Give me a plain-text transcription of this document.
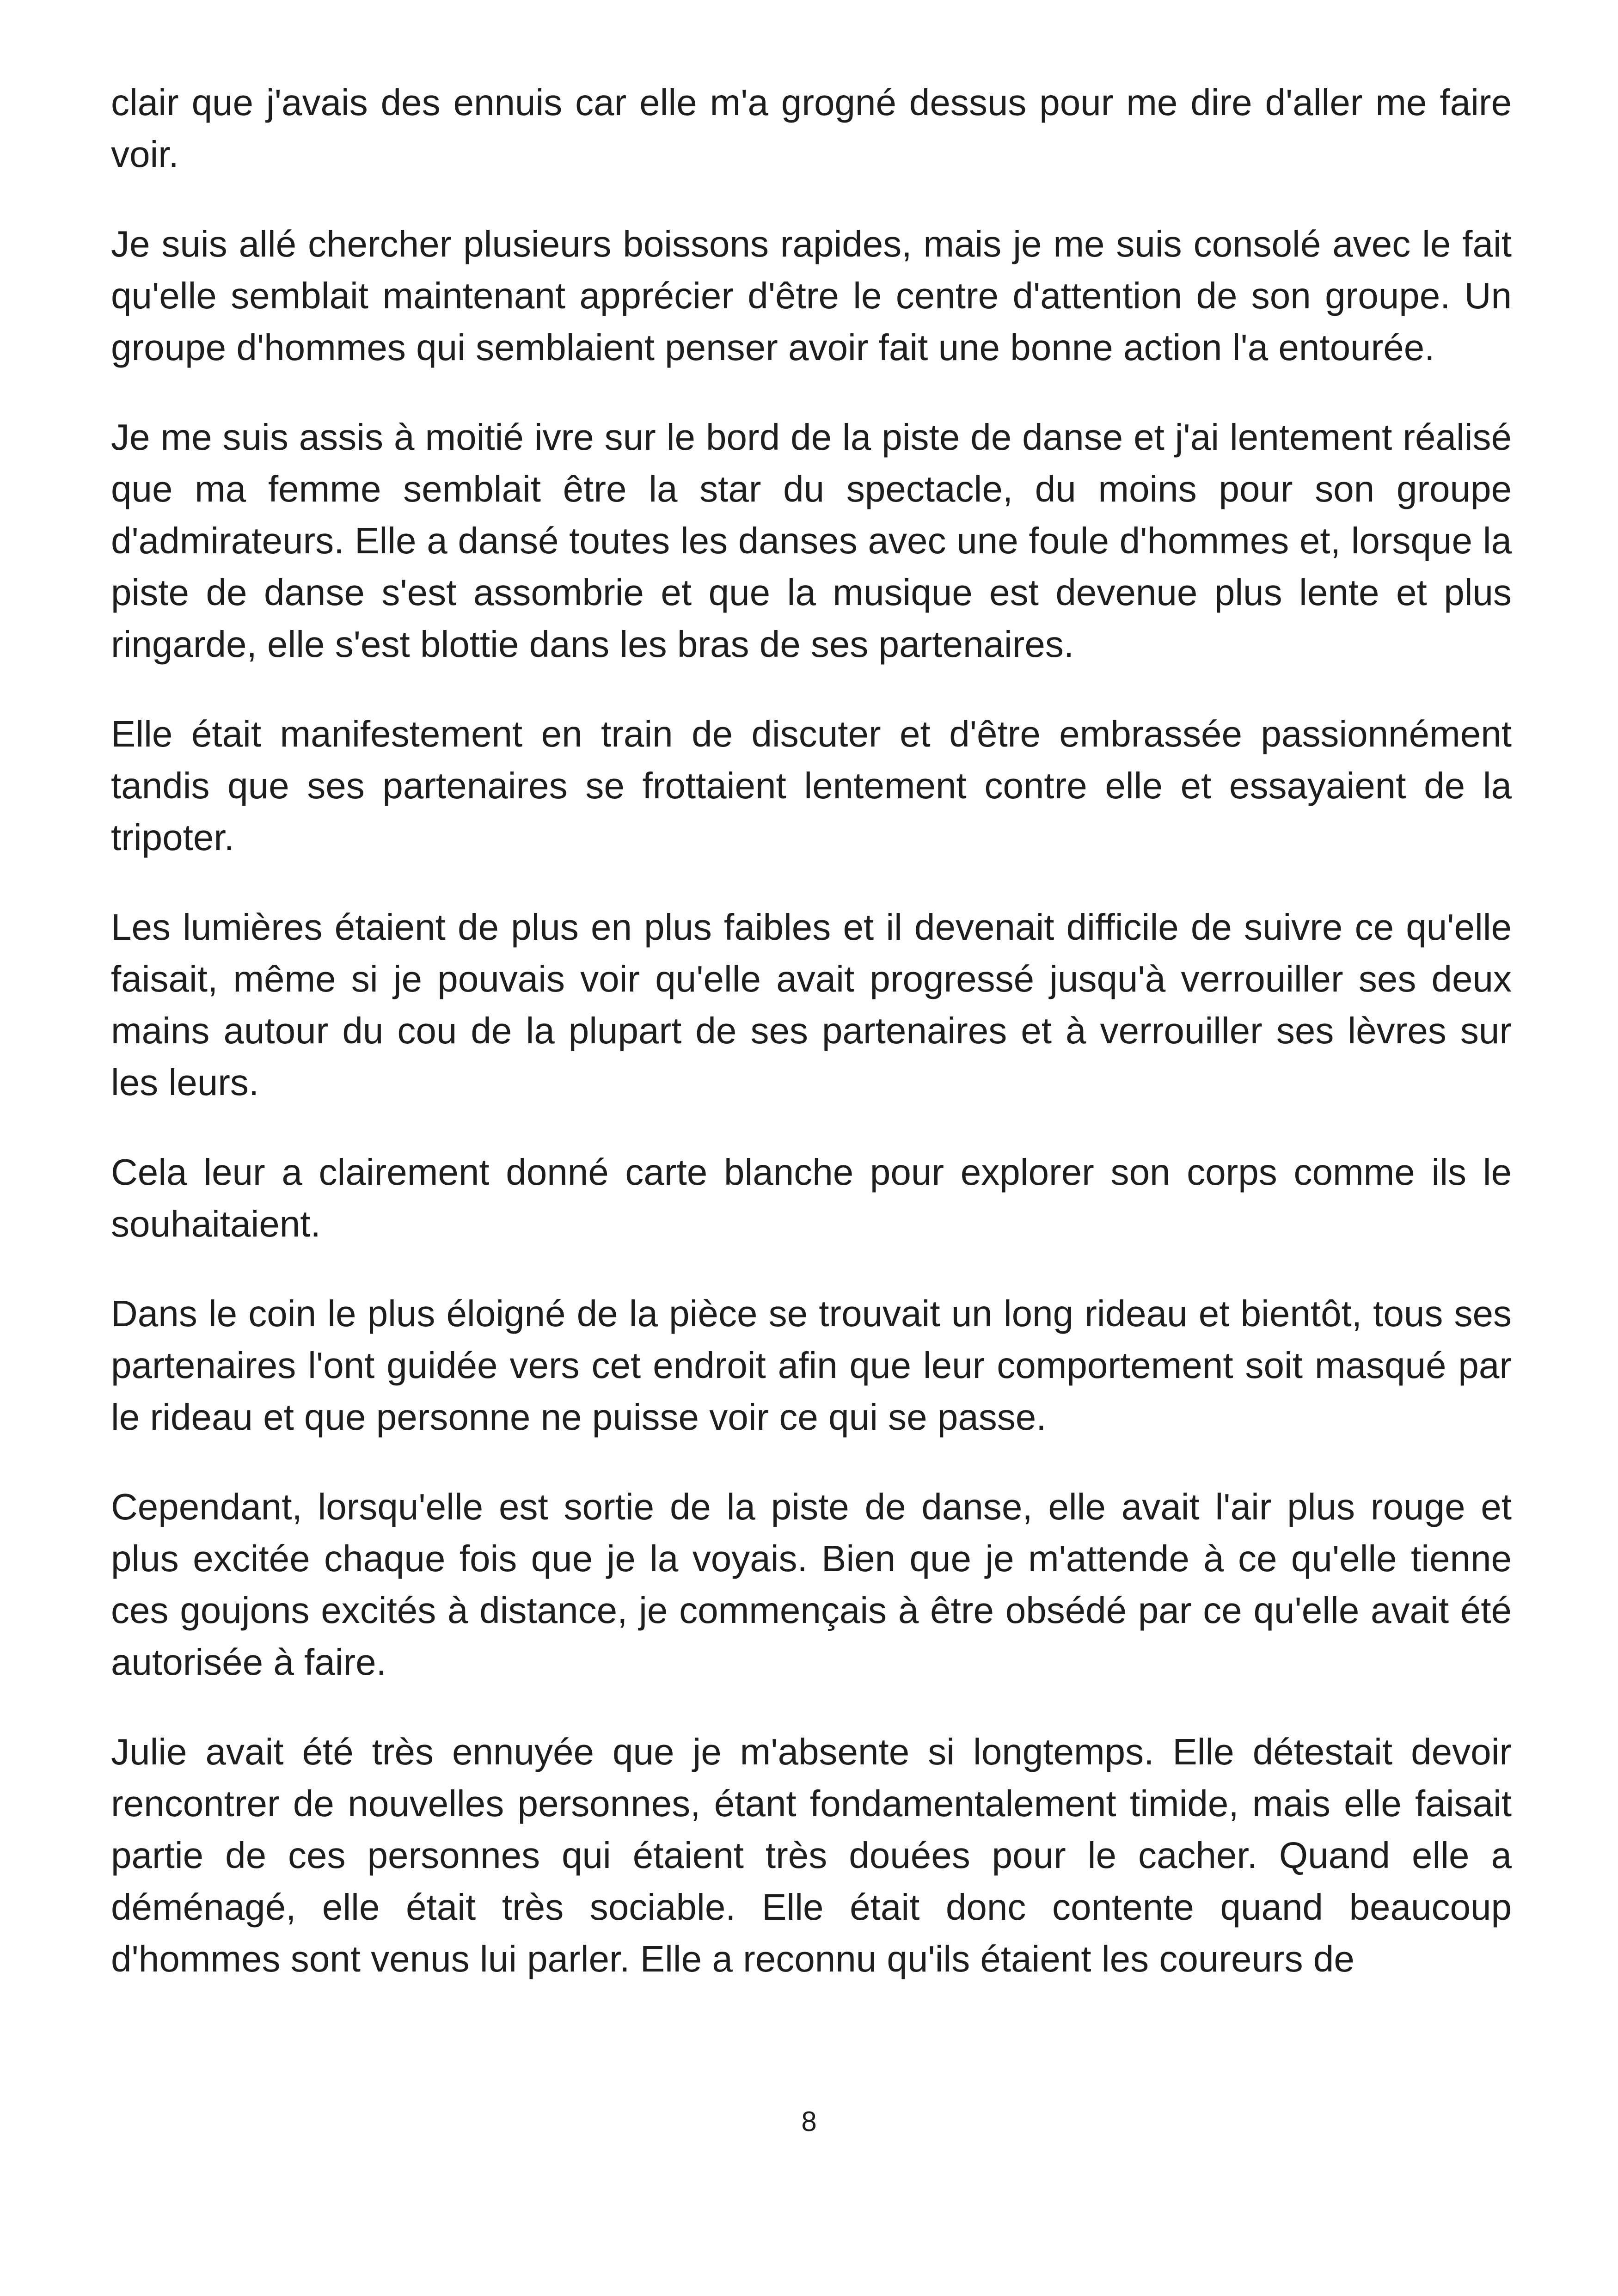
clair que j'avais des ennuis car elle m'a grogné dessus pour me dire d'aller me faire voir.

Je suis allé chercher plusieurs boissons rapides, mais je me suis consolé avec le fait qu'elle semblait maintenant apprécier d'être le centre d'attention de son groupe. Un groupe d'hommes qui semblaient penser avoir fait une bonne action l'a entourée.

Je me suis assis à moitié ivre sur le bord de la piste de danse et j'ai lentement réalisé que ma femme semblait être la star du spectacle, du moins pour son groupe d'admirateurs. Elle a dansé toutes les danses avec une foule d'hommes et, lorsque la piste de danse s'est assombrie et que la musique est devenue plus lente et plus ringarde, elle s'est blottie dans les bras de ses partenaires.

Elle était manifestement en train de discuter et d'être embrassée passionnément tandis que ses partenaires se frottaient lentement contre elle et essayaient de la tripoter.

Les lumières étaient de plus en plus faibles et il devenait difficile de suivre ce qu'elle faisait, même si je pouvais voir qu'elle avait progressé jusqu'à verrouiller ses deux mains autour du cou de la plupart de ses partenaires et à verrouiller ses lèvres sur les leurs.

Cela leur a clairement donné carte blanche pour explorer son corps comme ils le souhaitaient.

Dans le coin le plus éloigné de la pièce se trouvait un long rideau et bientôt, tous ses partenaires l'ont guidée vers cet endroit afin que leur comportement soit masqué par le rideau et que personne ne puisse voir ce qui se passe.

Cependant, lorsqu'elle est sortie de la piste de danse, elle avait l'air plus rouge et plus excitée chaque fois que je la voyais. Bien que je m'attende à ce qu'elle tienne ces goujons excités à distance, je commençais à être obsédé par ce qu'elle avait été autorisée à faire.

Julie avait été très ennuyée que je m'absente si longtemps. Elle détestait devoir rencontrer de nouvelles personnes, étant fondamentalement timide, mais elle faisait partie de ces personnes qui étaient très douées pour le cacher. Quand elle a déménagé, elle était très sociable. Elle était donc contente quand beaucoup d'hommes sont venus lui parler. Elle a reconnu qu'ils étaient les coureurs de

8
